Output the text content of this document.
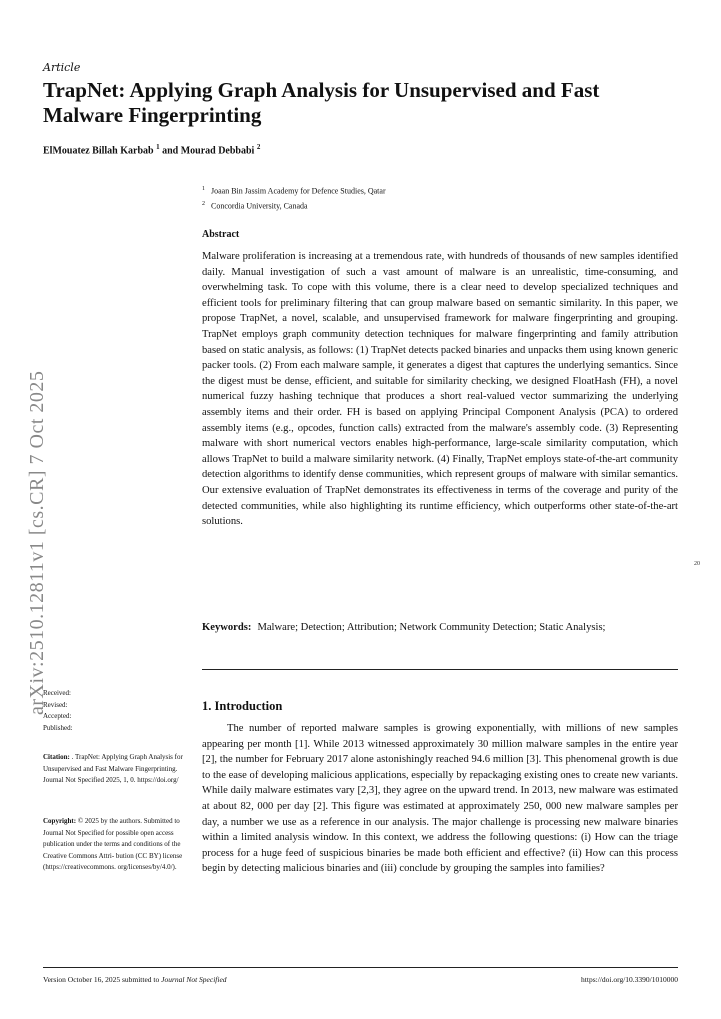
Article
TrapNet: Applying Graph Analysis for Unsupervised and Fast Malware Fingerprinting
ElMouatez Billah Karbab $^1$ and Mourad Debbabi $^2$
$^1$ Joaan Bin Jassim Academy for Defence Studies, Qatar
$^2$ Concordia University, Canada
Abstract

Malware proliferation is increasing at a tremendous rate, with hundreds of thousands of new samples identified daily. Manual investigation of such a vast amount of malware is an unrealistic, time-consuming, and overwhelming task. To cope with this volume, there is a clear need to develop specialized techniques and efficient tools for preliminary filtering that can group malware based on semantic similarity. In this paper, we propose TrapNet, a novel, scalable, and unsupervised framework for malware fingerprinting and grouping. TrapNet employs graph community detection techniques for malware fingerprinting and family attribution based on static analysis, as follows: (1) TrapNet detects packed binaries and unpacks them using known generic packer tools. (2) From each malware sample, it generates a digest that captures the underlying semantics. Since the digest must be dense, efficient, and suitable for similarity checking, we designed FloatHash (FH), a novel numerical fuzzy hashing technique that produces a short real-valued vector summarizing the underlying assembly items and their order. FH is based on applying Principal Component Analysis (PCA) to ordered assembly items (e.g., opcodes, function calls) extracted from the malware's assembly code. (3) Representing malware with short numerical vectors enables high-performance, large-scale similarity computation, which allows TrapNet to build a malware similarity network. (4) Finally, TrapNet employs state-of-the-art community detection algorithms to identify dense communities, which represent groups of malware with similar semantics. Our extensive evaluation of TrapNet demonstrates its effectiveness in terms of the coverage and purity of the detected communities, while also highlighting its runtime efficiency, which outperforms other state-of-the-art solutions.

20

Keywords: Malware; Detection; Attribution; Network Community Detection; Static Analysis;

arXiv:2510.12811v1 [cs.CR] 7 Oct 2025
Received:
Revised:
Accepted:
Published:
Citation: . TrapNet: Applying Graph Analysis for Unsupervised and Fast Malware Fingerprinting. Journal Not Specified 2025, 1, 0. https://doi.org/
Copyright: © 2025 by the authors. Submitted to Journal Not Specified for possible open access publication under the terms and conditions of the Creative Commons Attri- bution (CC BY) license (https://creativecommons. org/licenses/by/4.0/).
1. Introduction

The number of reported malware samples is growing exponentially, with millions of new samples appearing per month [1]. While 2013 witnessed approximately 30 million malware samples in the entire year [2], the number for February 2017 alone astonishingly reached 94.6 million [3]. This phenomenal growth is due to the ease of developing malicious applications, especially by repackaging existing ones to create new variants. While daily malware estimates vary [2,3], they agree on the upward trend. In 2013, new malware was estimated at about 82, 000 per day [2]. This figure was estimated at approximately 250, 000 new malware samples per day, a number we use as a reference in our analysis. The major challenge is processing new malware binaries within a limited analysis window. In this context, we address the following questions: (i) How can the triage process for a huge feed of suspicious binaries be made both efficient and effective? (ii) How can this process begin by detecting malicious binaries and (iii) conclude by grouping the samples into families?

Version October 16, 2025 submitted to Journal Not Specified	https://doi.org/10.3390/1010000
